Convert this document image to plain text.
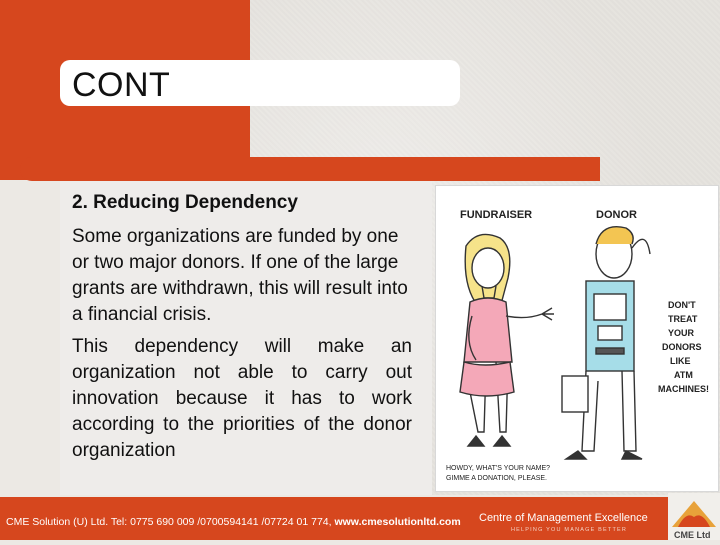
CONT
2. Reducing Dependency
Some organizations are funded by one or two major donors. If one of the large grants are withdrawn, this will result into a financial crisis.
This dependency will make an organization not able to carry out innovation because it has to work according to the priorities of the donor organization
FUNDRAISER	DONOR
DON'T TREAT YOUR DONORS LIKE ATM MACHINES!
HOWDY, WHAT'S YOUR NAME?
GIMME A DONATION, PLEASE.
CME Solution (U) Ltd. Tel: 0775 690 009 /0700594141 /07724 01 774, www.cmesolutionltd.com Centre of Management Excellence
HELPING YOU MANAGE BETTER	CME Ltd
